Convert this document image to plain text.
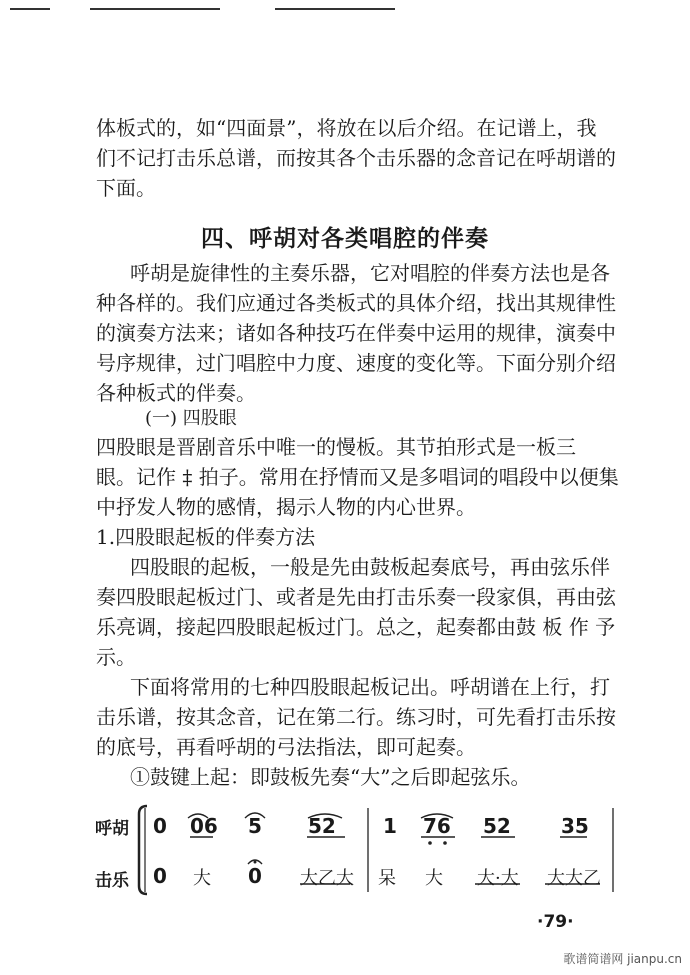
体板式的，如“四面景”，将放在以后介绍。在记谱上，我
们不记打击乐总谱，而按其各个击乐器的念音记在呼胡谱的
下面。
四、呼胡对各类唱腔的伴奏
呼胡是旋律性的主奏乐器，它对唱腔的伴奏方法也是各
种各样的。我们应通过各类板式的具体介绍，找出其规律性
的演奏方法来；诸如各种技巧在伴奏中运用的规律，演奏中
号序规律，过门唱腔中力度、速度的变化等。下面分别介绍
各种板式的伴奏。
(一) 四股眼
四股眼是晋剧音乐中唯一的慢板。其节拍形式是一板三
眼。记作 ‡ 拍子。常用在抒情而又是多唱词的唱段中以便集
中抒发人物的感情，揭示人物的内心世界。
1.四股眼起板的伴奏方法
四股眼的起板，一般是先由鼓板起奏底号，再由弦乐伴
奏四股眼起板过门、或者是先由打击乐奏一段家俱，再由弦
乐亮调，接起四股眼起板过门。总之，起奏都由鼓 板 作 予
示。
下面将常用的七种四股眼起板记出。呼胡谱在上行，打
击乐谱，按其念音，记在第二行。练习时，可先看打击乐按
的底号，再看呼胡的弓法指法，即可起奏。
①鼓键上起：即鼓板先奏“大”之后即起弦乐。
呼胡
击乐
0 06 5 52 1 76 52	35
0 大 0 大乙大 呆 大 大·大 大大乙
·79·
歌谱简谱网 jianpu.cn
